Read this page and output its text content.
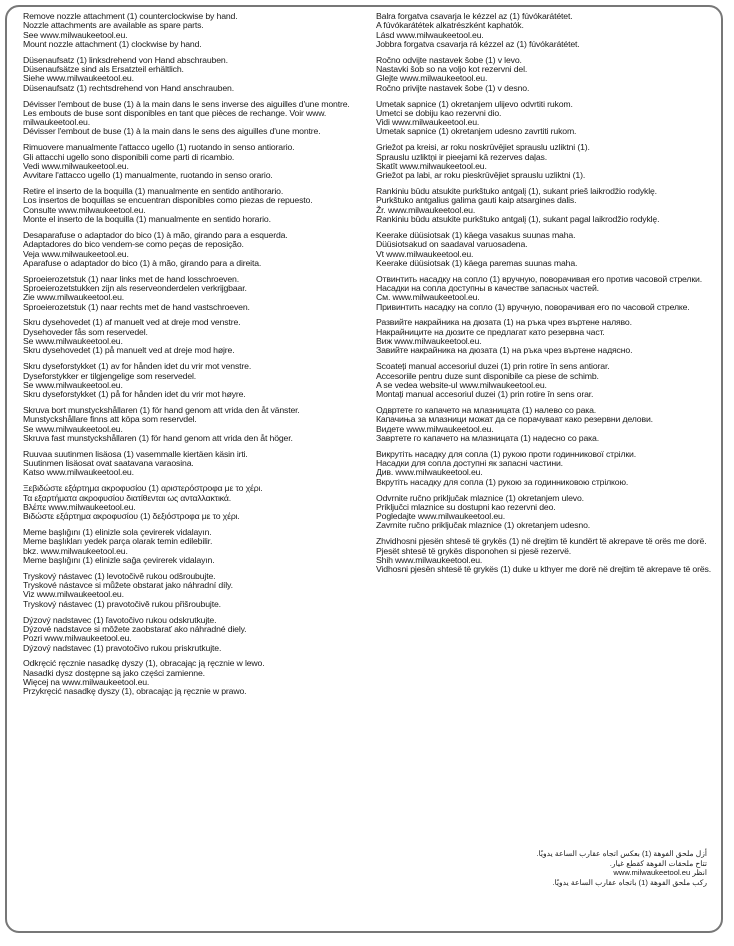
Remove nozzle attachment (1) counterclockwise by hand.
Nozzle attachments are available as spare parts.
See www.milwaukeetool.eu.
Mount nozzle attachment (1) clockwise by hand.
Düsenaufsatz (1) linksdrehend von Hand abschrauben.
Düsenaufsätze sind als Ersatzteil erhältlich.
Siehe www.milwaukeetool.eu.
Düsenaufsatz (1) rechtsdrehend von Hand anschrauben.
Dévisser l'embout de buse (1) à la main dans le sens inverse des aiguilles d'une montre.
Les embouts de buse sont disponibles en tant que pièces de rechange. Voir www. milwaukeetool.eu.
Dévisser l'embout de buse (1) à la main dans le sens des aiguilles d'une montre.
Rimuovere manualmente l'attacco ugello (1) ruotando in senso antiorario.
Gli attacchi ugello sono disponibili come parti di ricambio.
Vedi www.milwaukeetool.eu.
Avvitare l'attacco ugello (1) manualmente, ruotando in senso orario.
Retire el inserto de la boquilla (1) manualmente en sentido antihorario.
Los insertos de boquillas se encuentran disponibles como piezas de repuesto.
Consulte www.milwaukeetool.eu.
Monte el inserto de la boquilla (1) manualmente en sentido horario.
Desaparafuse o adaptador do bico (1) à mão, girando para a esquerda.
Adaptadores do bico vendem-se como peças de reposição.
Veja www.milwaukeetool.eu.
Aparafuse o adaptador do bico (1) à mão, girando para a direita.
Sproeierozetstuk (1) naar links met de hand losschroeven.
Sproeierozetstukken zijn als reserveonderdelen verkrijgbaar.
Zie www.milwaukeetool.eu.
Sproeierozetstuk (1) naar rechts met de hand vastschroeven.
Skru dysehovedet (1) af manuelt ved at dreje mod venstre.
Dysehoveder fås som reservedel.
Se www.milwaukeetool.eu.
Skru dysehovedet (1) på manuelt ved at dreje mod højre.
Skru dyseforstykket (1) av for hånden idet du vrir mot venstre.
Dyseforstykker er tilgjengelige som reservedel.
Se www.milwaukeetool.eu.
Skru dyseforstykket (1) på for hånden idet du vrir mot høyre.
Skruva bort munstyckshållaren (1) för hand genom att vrida den åt vänster.
Munstyckshållare finns att köpa som reservdel.
Se www.milwaukeetool.eu.
Skruva fast munstyckshållaren (1) för hand genom att vrida den åt höger.
Ruuvaa suutinmen lisäosa (1) vasemmalle kiertäen käsin irti.
Suutinmen lisäosat ovat saatavana varaosina.
Katso www.milwaukeetool.eu.
Ξεβιδώστε εξάρτημα ακροφυσίου (1) αριστερόστροφα με το χέρι.
Τα εξαρτήματα ακροφυσίου διατίθενται ως ανταλλακτικά.
Βλέπε www.milwaukeetool.eu.
Βιδώστε εξάρτημα ακροφυσίου (1) δεξιόστροφα με το χέρι.
Meme başlığını (1) elinizle sola çevirerek vidalayın.
Meme başlıkları yedek parça olarak temin edilebilir.
bkz. www.milwaukeetool.eu.
Meme başlığını (1) elinizle sağa çevirerek vidalayın.
Tryskový nástavec (1) levotočivě rukou odšroubujte.
Tryskové nástavce si můžete obstarat jako náhradní díly.
Viz www.milwaukeetool.eu.
Tryskový nástavec (1) pravotočivě rukou přišroubujte.
Dýzový nadstavec (1) ľavotočivo rukou odskrutkujte.
Dýzové nadstavce si môžete zaobstarať ako náhradné diely.
Pozri www.milwaukeetool.eu.
Dýzový nadstavec (1) pravotočivo rukou priskrutkujte.
Odkręcić ręcznie nasadkę dyszy (1), obracając ją ręcznie w lewo.
Nasadki dysz dostępne są jako części zamienne.
Więcej na www.milwaukeetool.eu.
Przykręcić nasadkę dyszy (1), obracając ją ręcznie w prawo.
Balra forgatva csavarja le kézzel az (1) fúvókarátétet.
A fúvókarátétek alkatrészként kaphatók.
Lásd www.milwaukeetool.eu.
Jobbra forgatva csavarja rá kézzel az (1) fúvókarátétet.
Ročno odvijte nastavek šobe (1) v levo.
Nastavki šob so na voljo kot rezervni del.
Glejte www.milwaukeetool.eu.
Ročno privijte nastavek šobe (1) v desno.
Umetak sapnice (1) okretanjem ulijevo odvrtiti rukom.
Umetci se dobiju kao rezervni dio.
Vidi www.milwaukeetool.eu.
Umetak sapnice (1) okretanjem udesno zavrtiti rukom.
Griežot pa kreisi, ar roku noskrūvējiet sprauslu uzliktni (1).
Sprauslu uzliktņi ir pieejami kā rezerves daļas.
Skatīt www.milwaukeetool.eu.
Griežot pa labi, ar roku pieskrūvējiet sprauslu uzliktni (1).
Rankiniu būdu atsukite purkštuko antgalį (1), sukant prieš laikrodžio rodyklę.
Purkštuko antgalius galima gauti kaip atsargines dalis.
Žr. www.milwaukeetool.eu.
Rankiniu būdu atsukite purkštuko antgalį (1), sukant pagal laikrodžio rodyklę.
Keerake düüsiotsak (1) käega vasakus suunas maha.
Düüsiotsakud on saadaval varuosadena.
Vt www.milwaukeetool.eu.
Keerake düüsiotsak (1) käega paremas suunas maha.
Отвинтить насадку на сопло (1) вручную, поворачивая его против часовой стрелки.
Насадки на сопла доступны в качестве запасных частей.
См. www.milwaukeetool.eu.
Привинтить насадку на сопло (1) вручную, поворачивая его по часовой стрелке.
Развийте накрайника на дюзата (1) на ръка чрез въртене наляво.
Накрайниците на дюзите се предлагат като резервна част.
Виж www.milwaukeetool.eu.
Завийте накрайника на дюзата (1) на ръка чрез въртене надясно.
Scoateți manual accesoriul duzei (1) prin rotire în sens antiorar.
Accesoriile pentru duze sunt disponibile ca piese de schimb.
A se vedea website-ul www.milwaukeetool.eu.
Montați manual accesoriul duzei (1) prin rotire în sens orar.
Одвртете го капачето на млазницата (1) налево со рака.
Капачиња за млазници можат да се порачуваат како резервни делови.
Видете www.milwaukeetool.eu.
Завртете го капачето на млазницата (1) надесно со рака.
Викрутіть насадку для сопла (1) рукою проти годинникової стрілки.
Насадки для сопла доступні як запасні частини.
Див. www.milwaukeetool.eu.
Вкрутіть насадку для сопла (1) рукою за годинниковою стрілкою.
Odvrnite ručno priključak mlaznice (1) okretanjem ulevo.
Priključci mlaznice su dostupni kao rezervni deo.
Pogledajte www.milwaukeetool.eu.
Zavrnite ručno priključak mlaznice (1) okretanjem udesno.
Zhvidhosni pjesën shtesë të grykës (1) në drejtim të kundërt të akrepave të orës me dorë.
Pjesët shtesë të grykës disponohen si pjesë rezervë.
Shih www.milwaukeetool.eu.
Vidhosni pjesën shtesë të grykës (1) duke u kthyer me dorë në drejtim të akrepave të orës.
أزل ملحق الفوهة (1) بعكس اتجاه عقارب الساعة يدويًا.
تتاح ملحقات الفوهة كقطع غيار.
انظر www.milwaukeetool.eu
ركب ملحق الفوهة (1) باتجاه عقارب الساعة يدويًا.
